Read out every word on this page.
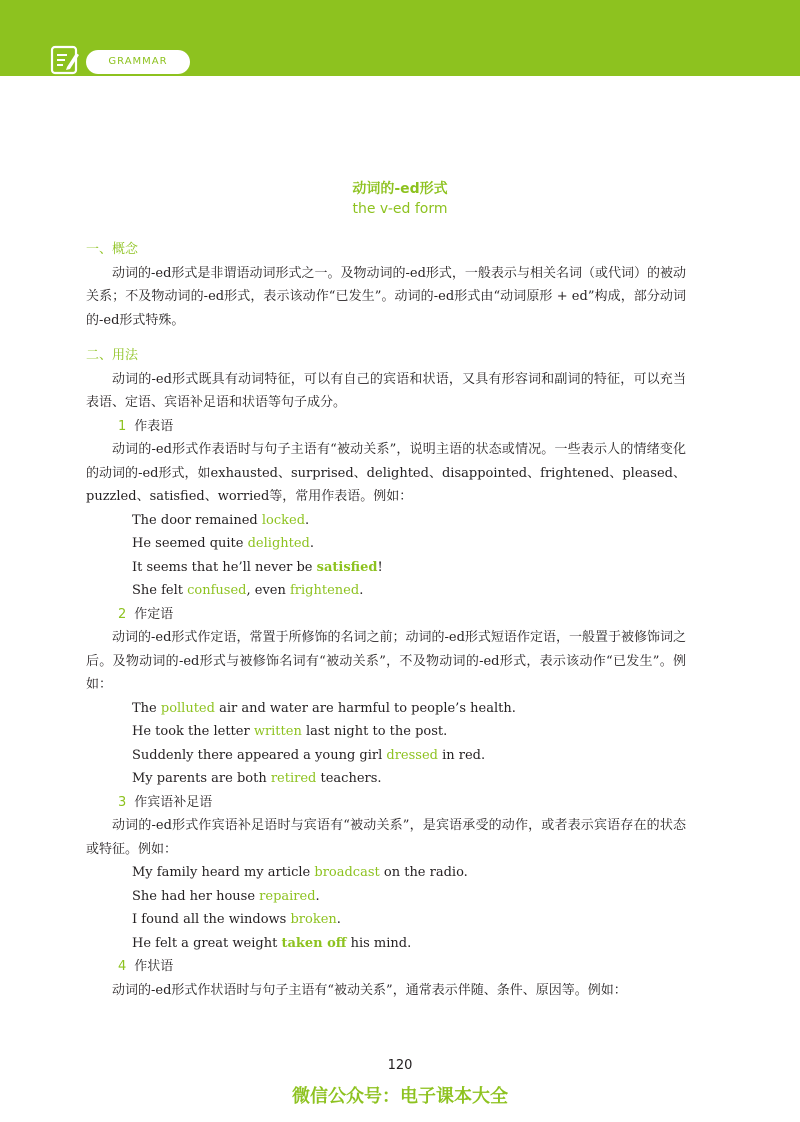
GRAMMAR
动词的-ed形式
the v-ed form
一、概念

动词的-ed形式是非谓语动词形式之一。及物动词的-ed形式，一般表示与相关名词（或代词）的被动关系；不及物动词的-ed形式，表示该动作“已发生”。动词的-ed形式由“动词原形 + ed”构成，部分动词的-ed形式特殊。

二、用法

动词的-ed形式既具有动词特征，可以有自己的宾语和状语，又具有形容词和副词的特征，可以充当表语、定语、宾语补足语和状语等句子成分。

1 作表语

动词的-ed形式作表语时与句子主语有“被动关系”，说明主语的状态或情况。一些表示人的情绪变化的动词的-ed形式，如exhausted、surprised、delighted、disappointed、frightened、pleased、puzzled、satisfied、worried等，常用作表语。例如：

The door remained locked.
He seemed quite delighted.
It seems that he’ll never be satisfied!
She felt confused, even frightened.
2 作定语

动词的-ed形式作定语，常置于所修饰的名词之前；动词的-ed形式短语作定语，一般置于被修饰词之后。及物动词的-ed形式与被修饰名词有“被动关系”，不及物动词的-ed形式，表示该动作“已发生”。例如：

The polluted air and water are harmful to people’s health.
He took the letter written last night to the post.
Suddenly there appeared a young girl dressed in red.
My parents are both retired teachers.
3 作宾语补足语

动词的-ed形式作宾语补足语时与宾语有“被动关系”，是宾语承受的动作，或者表示宾语存在的状态或特征。例如：

My family heard my article broadcast on the radio.
She had her house repaired.
I found all the windows broken.
He felt a great weight taken off his mind.
4 作状语

动词的-ed形式作状语时与句子主语有“被动关系”，通常表示伴随、条件、原因等。例如：

120
微信公众号：电子课本大全
